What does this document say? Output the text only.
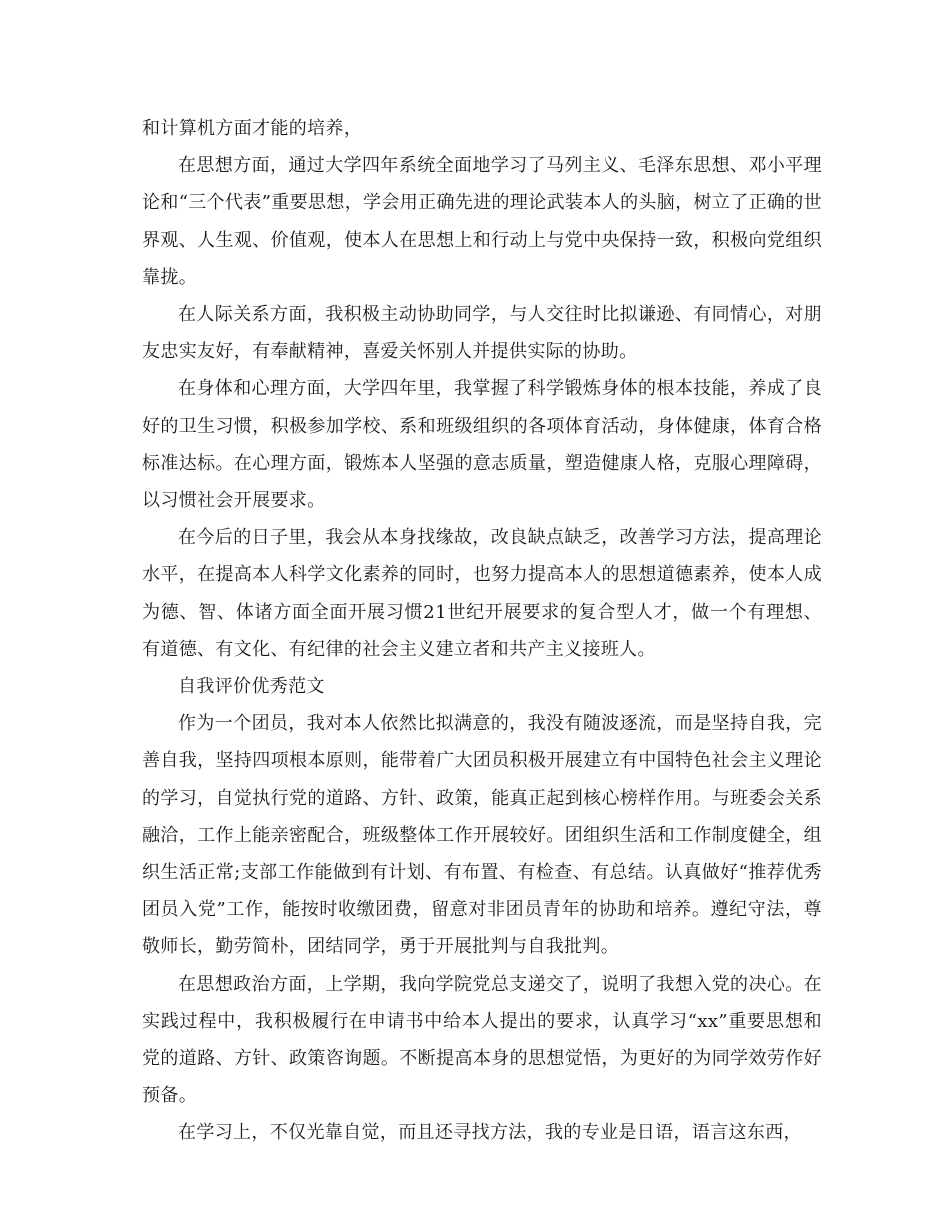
和计算机方面才能的培养，

在思想方面，通过大学四年系统全面地学习了马列主义、毛泽东思想、邓小平理论和“三个代表”重要思想，学会用正确先进的理论武装本人的头脑，树立了正确的世界观、人生观、价值观，使本人在思想上和行动上与党中央保持一致，积极向党组织靠拢。

在人际关系方面，我积极主动协助同学，与人交往时比拟谦逊、有同情心，对朋友忠实友好，有奉献精神，喜爱关怀别人并提供实际的协助。

在身体和心理方面，大学四年里，我掌握了科学锻炼身体的根本技能，养成了良好的卫生习惯，积极参加学校、系和班级组织的各项体育活动，身体健康，体育合格标准达标。在心理方面，锻炼本人坚强的意志质量，塑造健康人格，克服心理障碍，以习惯社会开展要求。

在今后的日子里，我会从本身找缘故，改良缺点缺乏，改善学习方法，提高理论水平，在提高本人科学文化素养的同时，也努力提高本人的思想道德素养，使本人成为德、智、体诸方面全面开展习惯21世纪开展要求的复合型人才，做一个有理想、有道德、有文化、有纪律的社会主义建立者和共产主义接班人。

自我评价优秀范文

作为一个团员，我对本人依然比拟满意的，我没有随波逐流，而是坚持自我，完善自我，坚持四项根本原则，能带着广大团员积极开展建立有中国特色社会主义理论的学习，自觉执行党的道路、方针、政策，能真正起到核心榜样作用。与班委会关系融洽，工作上能亲密配合，班级整体工作开展较好。团组织生活和工作制度健全，组织生活正常;支部工作能做到有计划、有布置、有检查、有总结。认真做好“推荐优秀团员入党”工作，能按时收缴团费，留意对非团员青年的协助和培养。遵纪守法，尊敬师长，勤劳简朴，团结同学，勇于开展批判与自我批判。

在思想政治方面，上学期，我向学院党总支递交了，说明了我想入党的决心。在实践过程中，我积极履行在申请书中给本人提出的要求，认真学习“xx”重要思想和党的道路、方针、政策咨询题。不断提高本身的思想觉悟，为更好的为同学效劳作好预备。

在学习上，不仅光靠自觉，而且还寻找方法，我的专业是日语，语言这东西，
